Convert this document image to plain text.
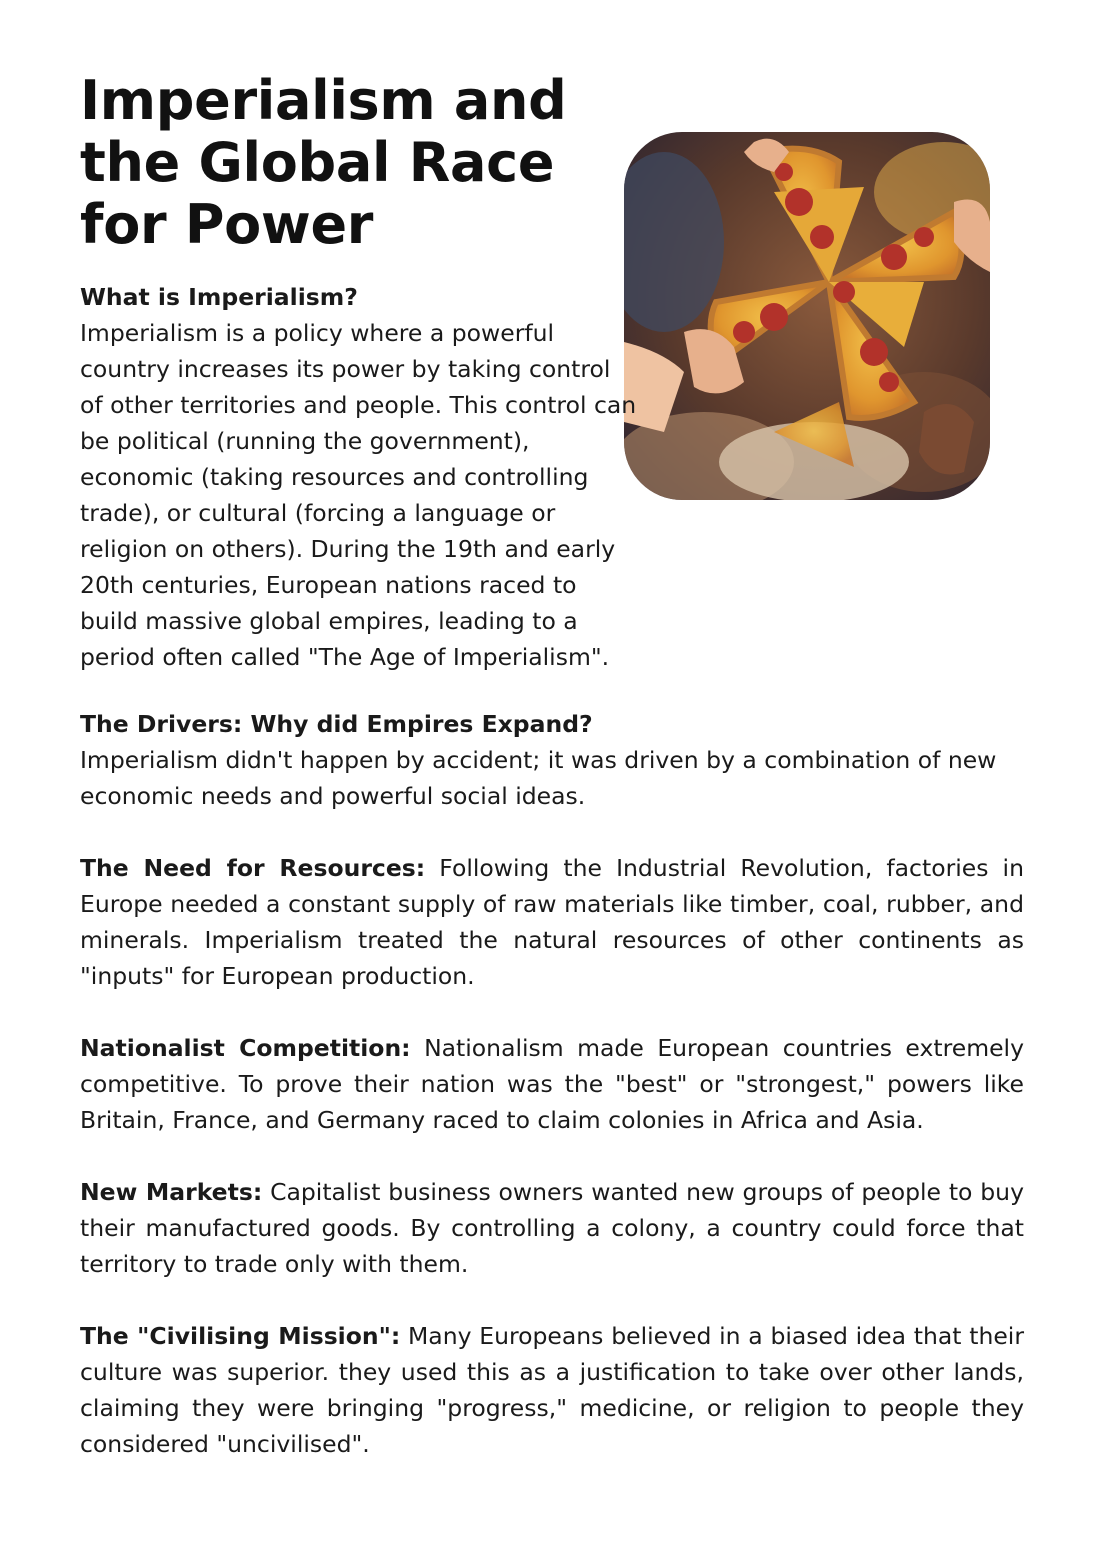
Imperialism and the Global Race for Power

What is Imperialism?
Imperialism is a policy where a powerful country increases its power by taking control of other territories and people. This control can be political (running the government), economic (taking resources and controlling trade), or cultural (forcing a language or religion on others). During the 19th and early 20th centuries, European nations raced to build massive global empires, leading to a period often called "The Age of Imperialism".

The Drivers: Why did Empires Expand?
Imperialism didn't happen by accident; it was driven by a combination of new economic needs and powerful social ideas.

The Need for Resources: Following the Industrial Revolution, factories in Europe needed a constant supply of raw materials like timber, coal, rubber, and minerals. Imperialism treated the natural resources of other continents as "inputs" for European production.

Nationalist Competition: Nationalism made European countries extremely competitive. To prove their nation was the "best" or "strongest," powers like Britain, France, and Germany raced to claim colonies in Africa and Asia.

New Markets: Capitalist business owners wanted new groups of people to buy their manufactured goods. By controlling a colony, a country could force that territory to trade only with them.

The "Civilising Mission": Many Europeans believed in a biased idea that their culture was superior. they used this as a justification to take over other lands, claiming they were bringing "progress," medicine, or religion to people they considered "uncivilised".
